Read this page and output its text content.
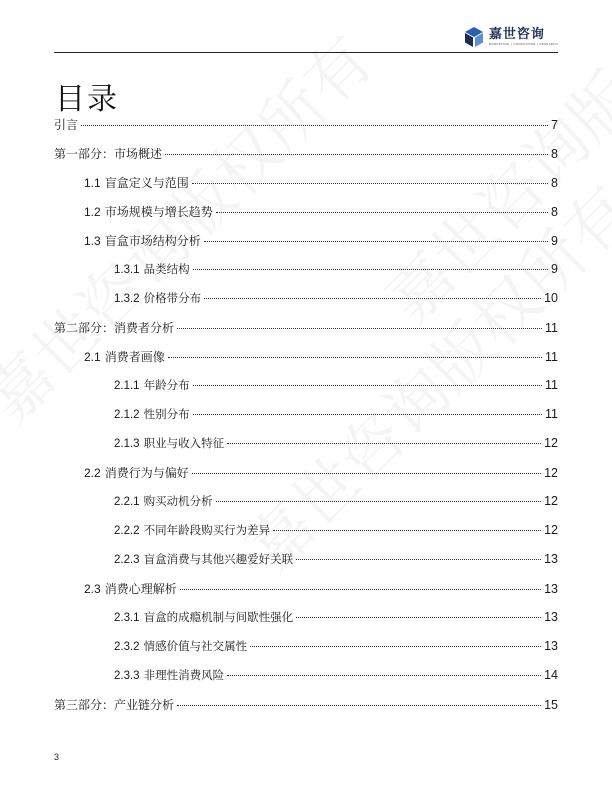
嘉世咨询
MARKETING | CONSULTING | RESEARCH
目录
引言	7
第一部分：市场概述	8
1.1 盲盒定义与范围	8
1.2 市场规模与增长趋势	8
1.3 盲盒市场结构分析	9
1.3.1 品类结构	9
1.3.2 价格带分布	10
第二部分：消费者分析	11
2.1 消费者画像	11
2.1.1 年龄分布	11
2.1.2 性别分布	11
2.1.3 职业与收入特征	12
2.2 消费行为与偏好	12
2.2.1 购买动机分析	12
2.2.2 不同年龄段购买行为差异	12
2.2.3 盲盒消费与其他兴趣爱好关联	13
2.3 消费心理解析	13
2.3.1 盲盒的成瘾机制与间歇性强化	13
2.3.2 情感价值与社交属性	13
2.3.3 非理性消费风险	14
第三部分：产业链分析	15
3
